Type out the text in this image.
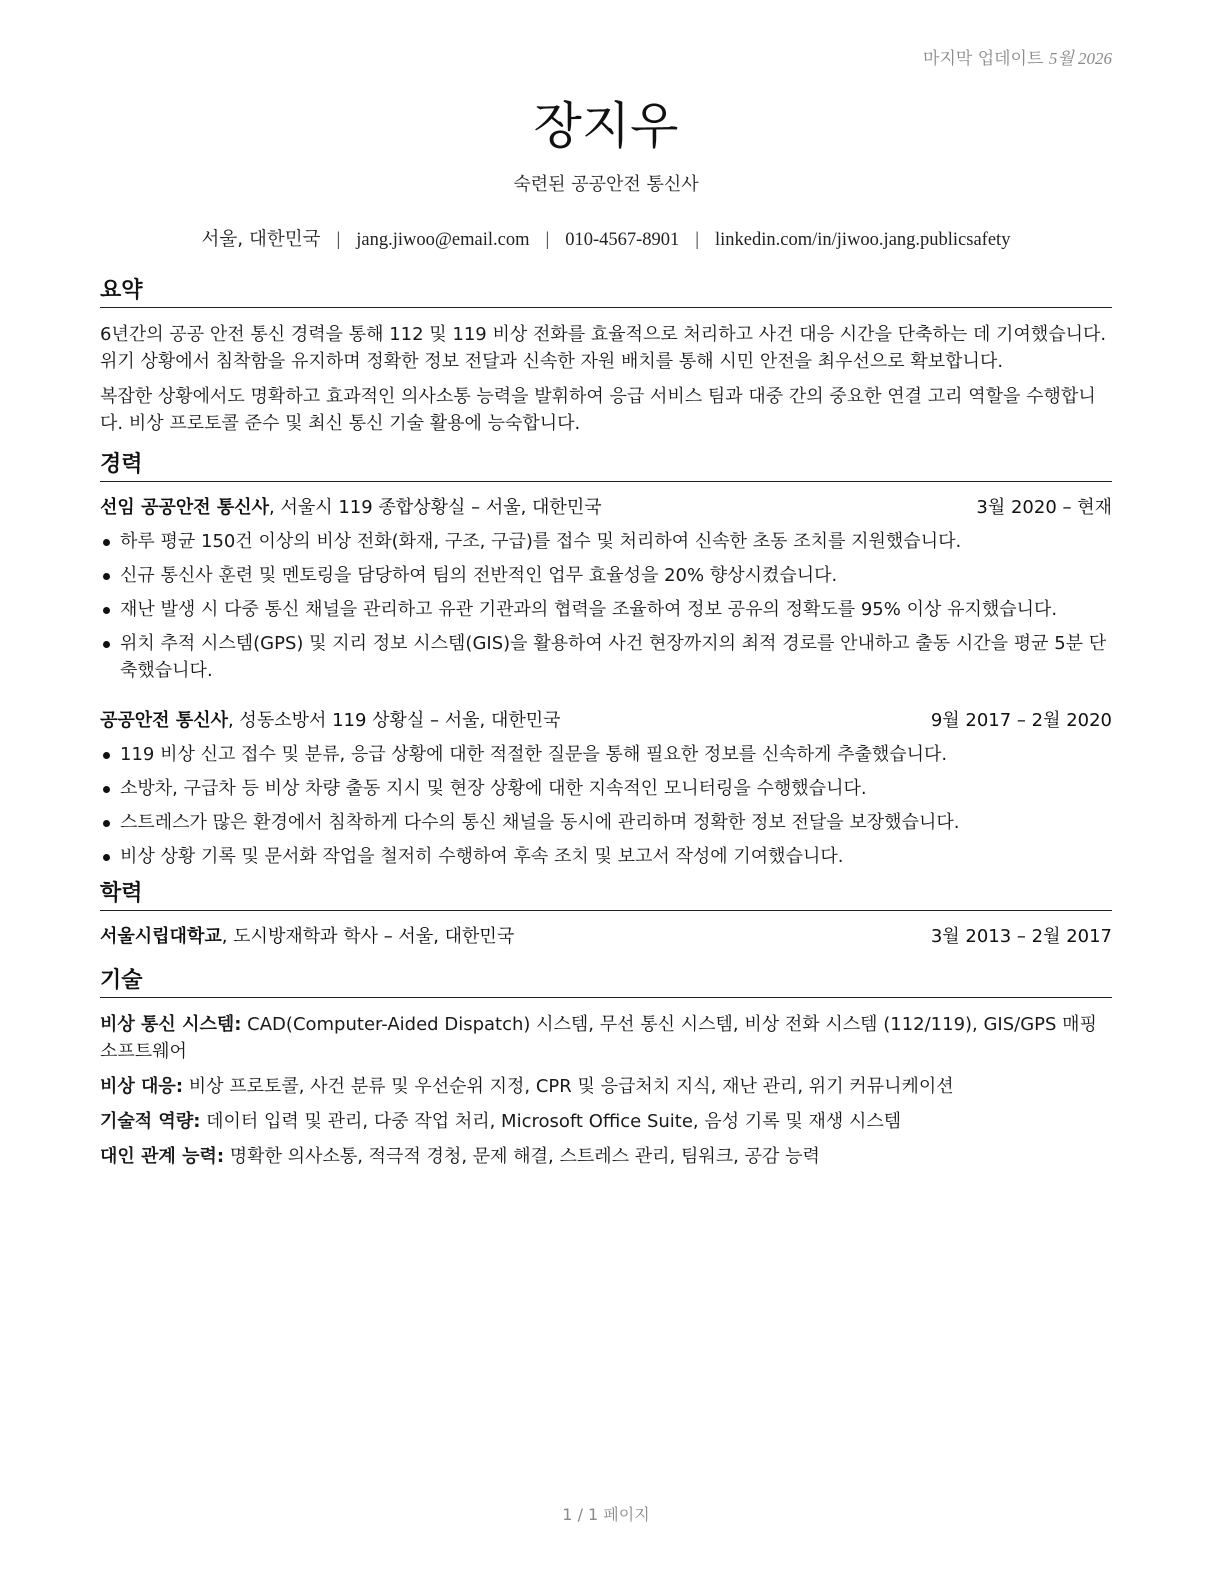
마지막 업데이트 5월 2026
장지우
숙련된 공공안전 통신사
서울, 대한민국 | jang.jiwoo@email.com | 010-4567-8901 | linkedin.com/in/jiwoo.jang.publicsafety
요약

6년간의 공공 안전 통신 경력을 통해 112 및 119 비상 전화를 효율적으로 처리하고 사건 대응 시간을 단축하는 데 기여했습니다. 위기 상황에서 침착함을 유지하며 정확한 정보 전달과 신속한 자원 배치를 통해 시민 안전을 최우선으로 확보합니다.

복잡한 상황에서도 명확하고 효과적인 의사소통 능력을 발휘하여 응급 서비스 팀과 대중 간의 중요한 연결 고리 역할을 수행합니다. 비상 프로토콜 준수 및 최신 통신 기술 활용에 능숙합니다.

경력
선임 공공안전 통신사, 서울시 119 종합상황실 – 서울, 대한민국	3월 2020 – 현재
하루 평균 150건 이상의 비상 전화(화재, 구조, 구급)를 접수 및 처리하여 신속한 초동 조치를 지원했습니다.
신규 통신사 훈련 및 멘토링을 담당하여 팀의 전반적인 업무 효율성을 20% 향상시켰습니다.
재난 발생 시 다중 통신 채널을 관리하고 유관 기관과의 협력을 조율하여 정보 공유의 정확도를 95% 이상 유지했습니다.
위치 추적 시스템(GPS) 및 지리 정보 시스템(GIS)을 활용하여 사건 현장까지의 최적 경로를 안내하고 출동 시간을 평균 5분 단축했습니다.
공공안전 통신사, 성동소방서 119 상황실 – 서울, 대한민국	9월 2017 – 2월 2020
119 비상 신고 접수 및 분류, 응급 상황에 대한 적절한 질문을 통해 필요한 정보를 신속하게 추출했습니다.
소방차, 구급차 등 비상 차량 출동 지시 및 현장 상황에 대한 지속적인 모니터링을 수행했습니다.
스트레스가 많은 환경에서 침착하게 다수의 통신 채널을 동시에 관리하며 정확한 정보 전달을 보장했습니다.
비상 상황 기록 및 문서화 작업을 철저히 수행하여 후속 조치 및 보고서 작성에 기여했습니다.
학력
서울시립대학교, 도시방재학과 학사 – 서울, 대한민국	3월 2013 – 2월 2017
기술

비상 통신 시스템: CAD(Computer-Aided Dispatch) 시스템, 무선 통신 시스템, 비상 전화 시스템 (112/119), GIS/GPS 매핑 소프트웨어

비상 대응: 비상 프로토콜, 사건 분류 및 우선순위 지정, CPR 및 응급처치 지식, 재난 관리, 위기 커뮤니케이션

기술적 역량: 데이터 입력 및 관리, 다중 작업 처리, Microsoft Office Suite, 음성 기록 및 재생 시스템

대인 관계 능력: 명확한 의사소통, 적극적 경청, 문제 해결, 스트레스 관리, 팀워크, 공감 능력

1 / 1 페이지
